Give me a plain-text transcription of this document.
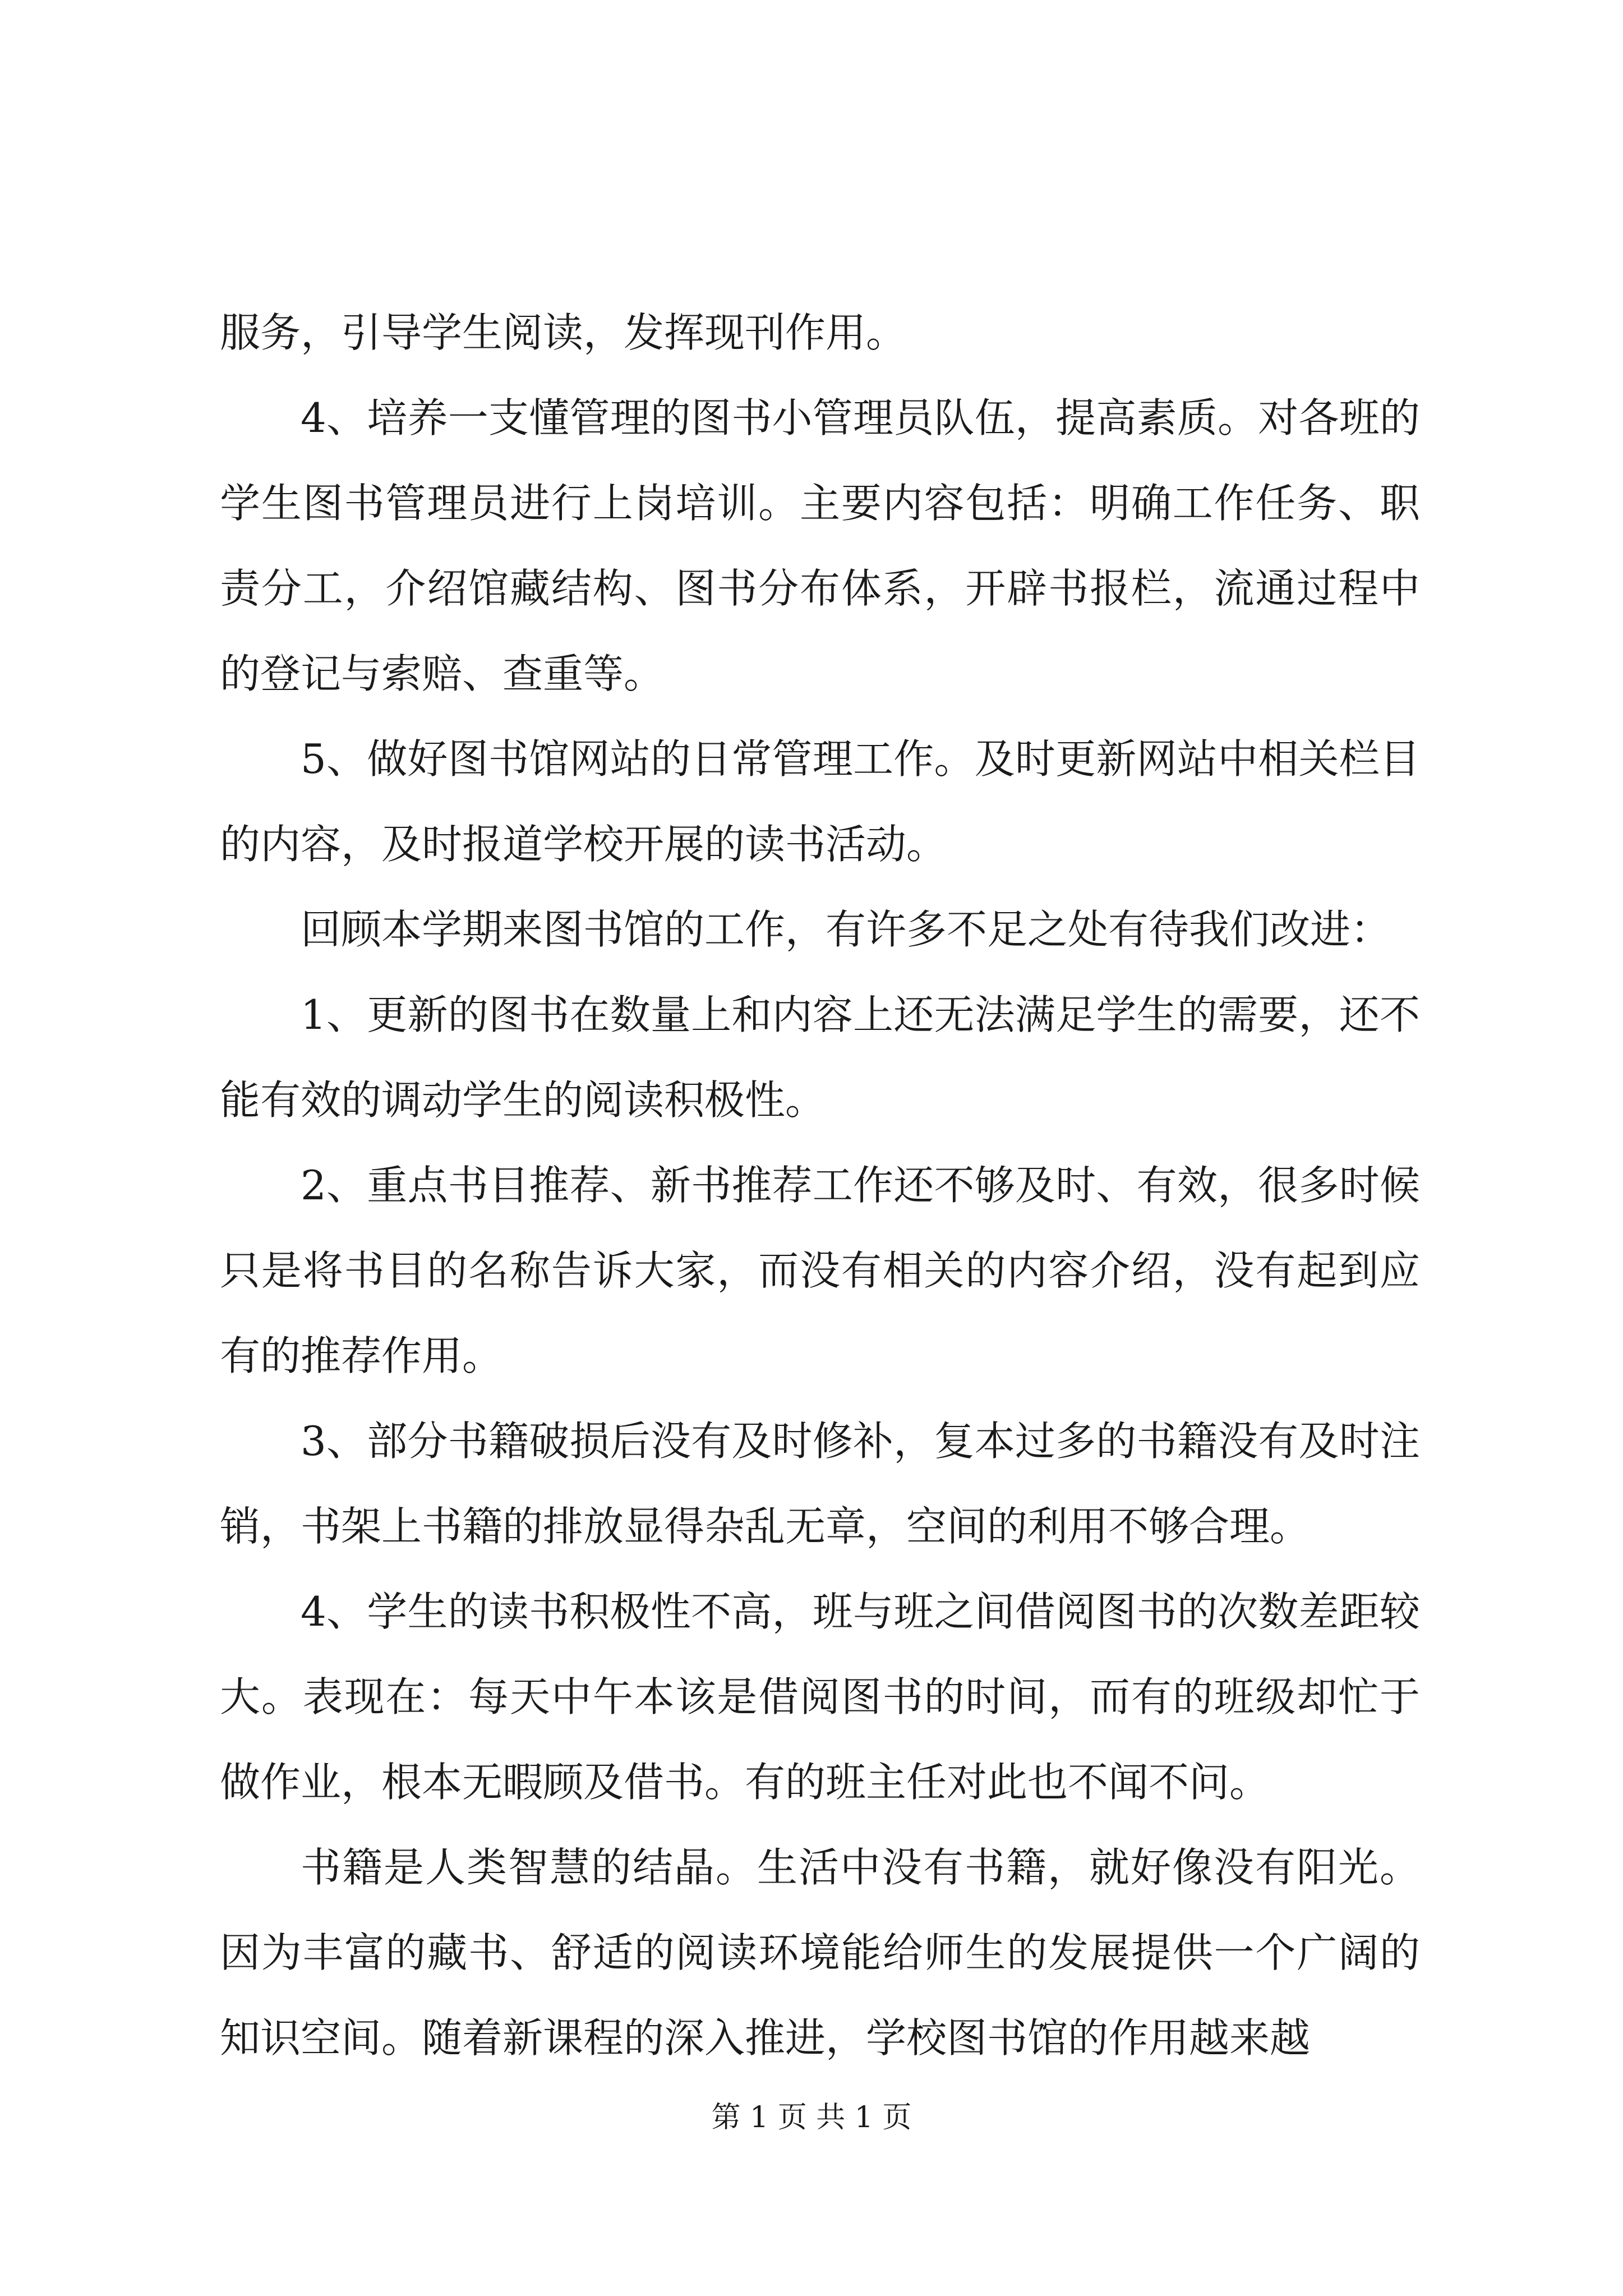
服务，引导学生阅读，发挥现刊作用。

4、培养一支懂管理的图书小管理员队伍，提高素质。对各班的学生图书管理员进行上岗培训。主要内容包括：明确工作任务、职责分工，介绍馆藏结构、图书分布体系，开辟书报栏，流通过程中的登记与索赔、查重等。

5、做好图书馆网站的日常管理工作。及时更新网站中相关栏目的内容，及时报道学校开展的读书活动。

回顾本学期来图书馆的工作，有许多不足之处有待我们改进：

1、更新的图书在数量上和内容上还无法满足学生的需要，还不能有效的调动学生的阅读积极性。

2、重点书目推荐、新书推荐工作还不够及时、有效，很多时候只是将书目的名称告诉大家，而没有相关的内容介绍，没有起到应有的推荐作用。

3、部分书籍破损后没有及时修补，复本过多的书籍没有及时注销，书架上书籍的排放显得杂乱无章，空间的利用不够合理。

4、学生的读书积极性不高，班与班之间借阅图书的次数差距较大。表现在：每天中午本该是借阅图书的时间，而有的班级却忙于做作业，根本无暇顾及借书。有的班主任对此也不闻不问。

书籍是人类智慧的结晶。生活中没有书籍，就好像没有阳光。因为丰富的藏书、舒适的阅读环境能给师生的发展提供一个广阔的知识空间。随着新课程的深入推进，学校图书馆的作用越来越

第 1 页 共 1 页
